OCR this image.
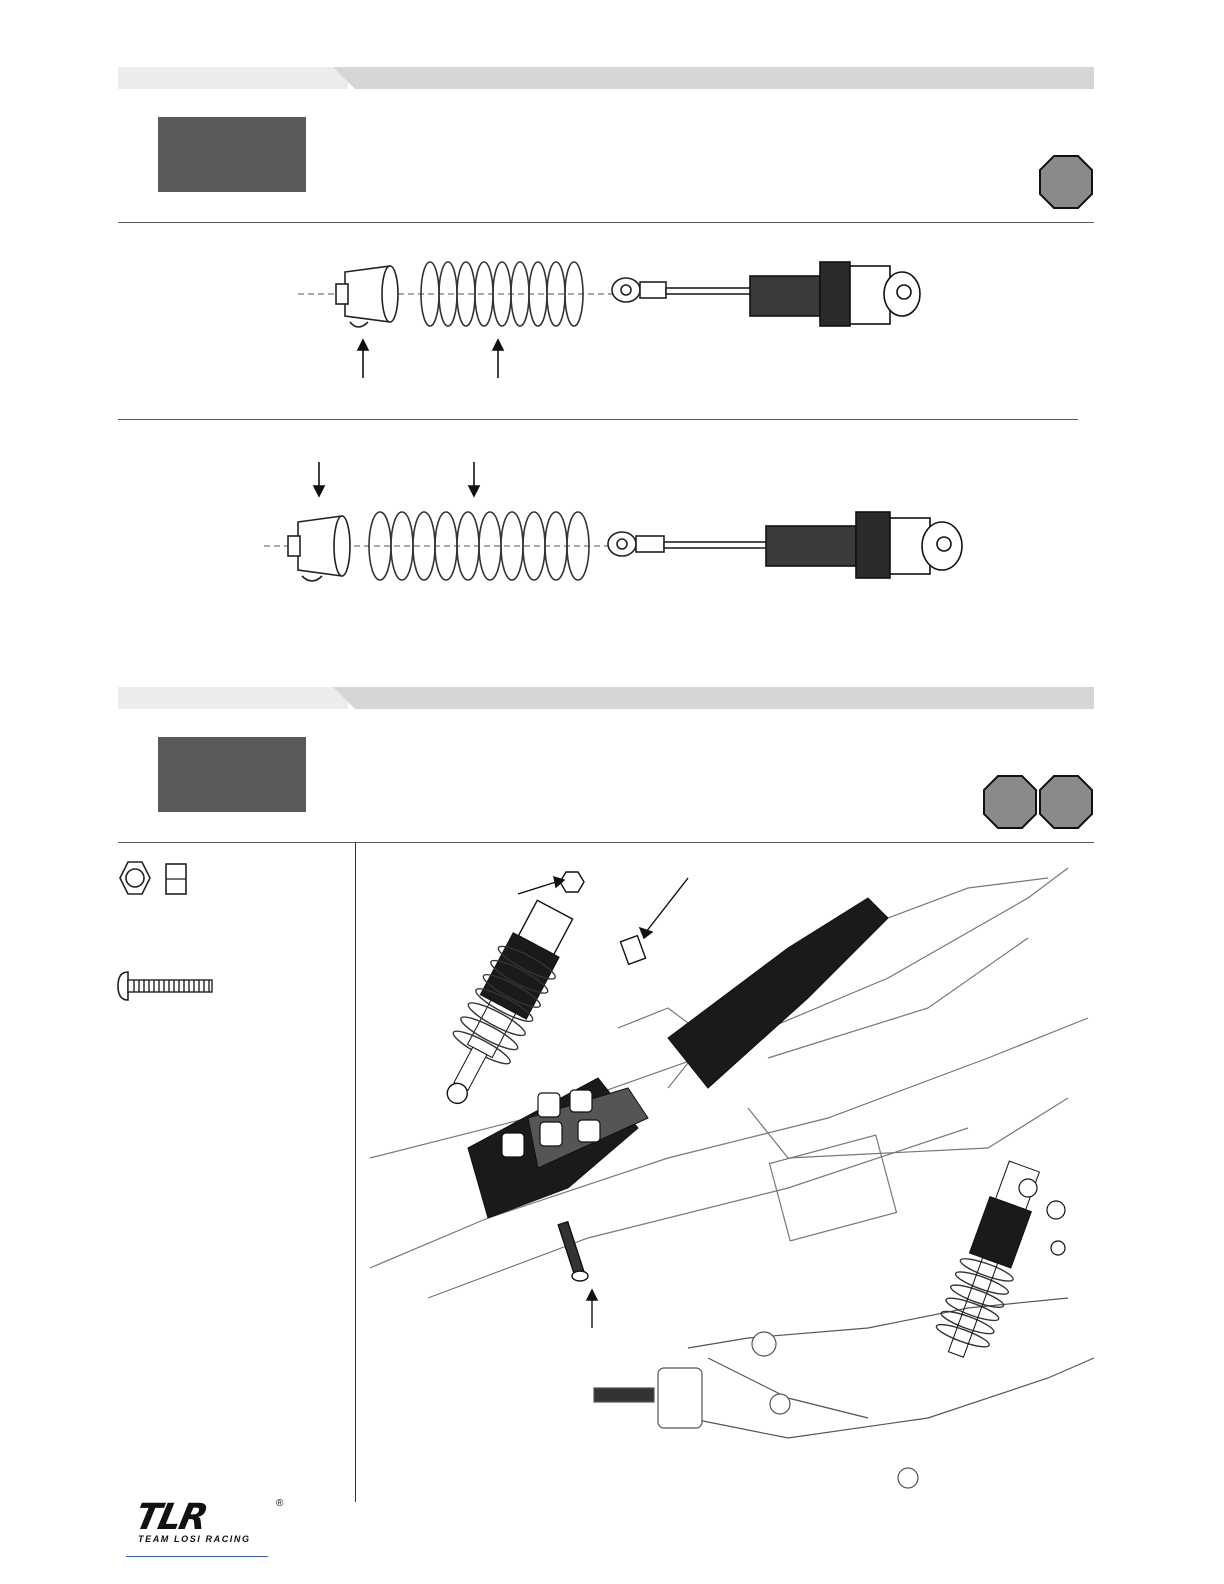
TLR	®
TEAM LOSI RACING
